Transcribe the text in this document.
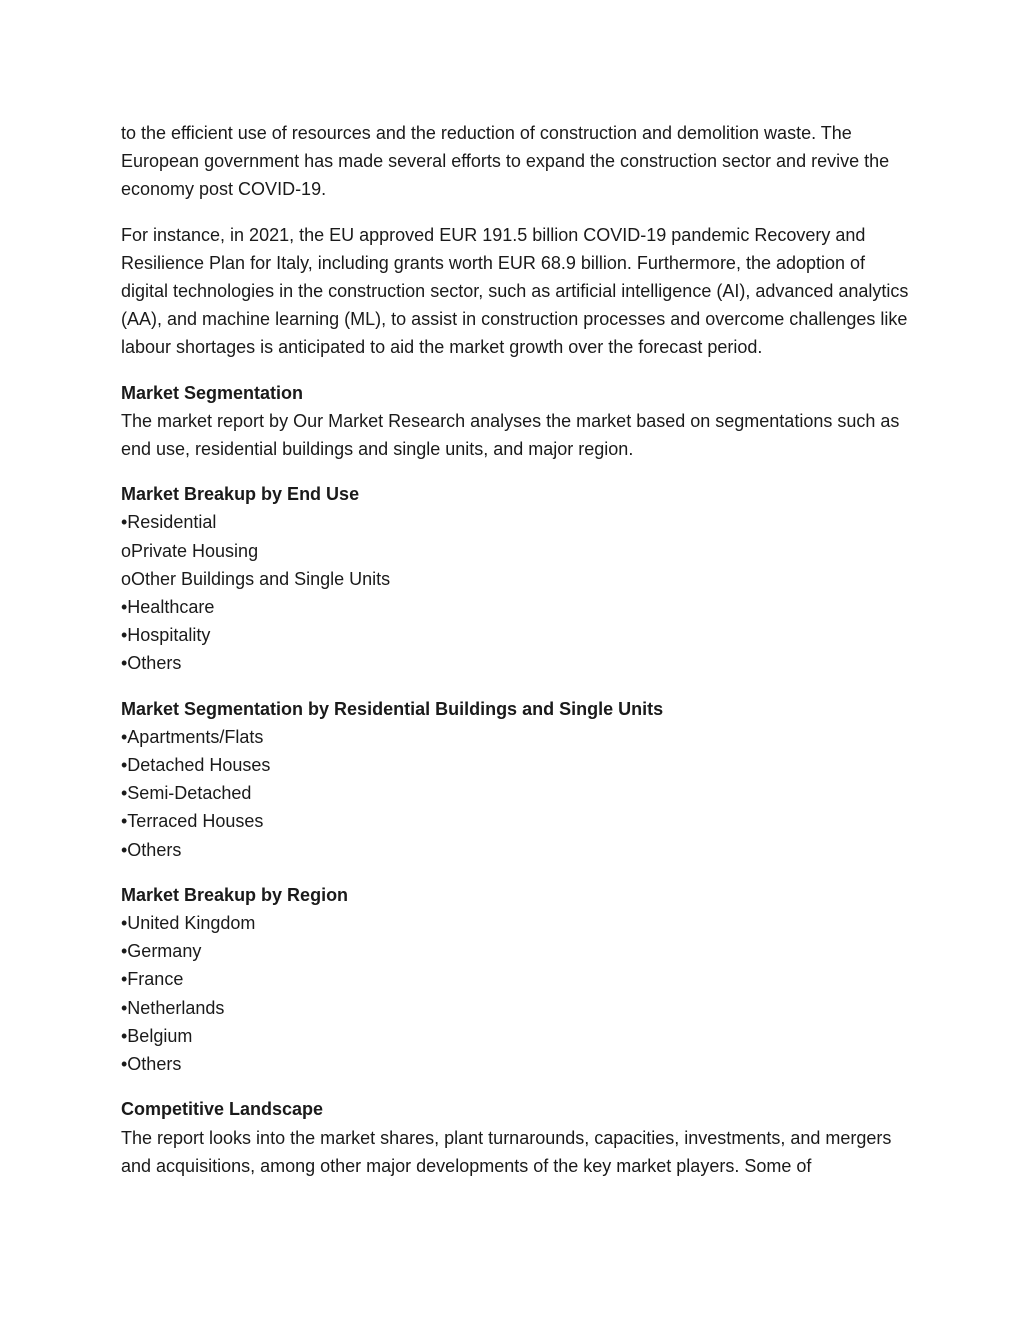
to the efficient use of resources and the reduction of construction and demolition waste. The European government has made several efforts to expand the construction sector and revive the economy post COVID-19.

For instance, in 2021, the EU approved EUR 191.5 billion COVID-19 pandemic Recovery and Resilience Plan for Italy, including grants worth EUR 68.9 billion. Furthermore, the adoption of digital technologies in the construction sector, such as artificial intelligence (AI), advanced analytics (AA), and machine learning (ML), to assist in construction processes and overcome challenges like labour shortages is anticipated to aid the market growth over the forecast period.

Market Segmentation

The market report by Our Market Research analyses the market based on segmentations such as end use, residential buildings and single units, and major region.

Market Breakup by End Use

•Residential

oPrivate Housing

oOther Buildings and Single Units

•Healthcare

•Hospitality

•Others

Market Segmentation by Residential Buildings and Single Units

•Apartments/Flats

•Detached Houses

•Semi-Detached

•Terraced Houses

•Others

Market Breakup by Region

•United Kingdom

•Germany

•France

•Netherlands

•Belgium

•Others

Competitive Landscape

The report looks into the market shares, plant turnarounds, capacities, investments, and mergers and acquisitions, among other major developments of the key market players. Some of
